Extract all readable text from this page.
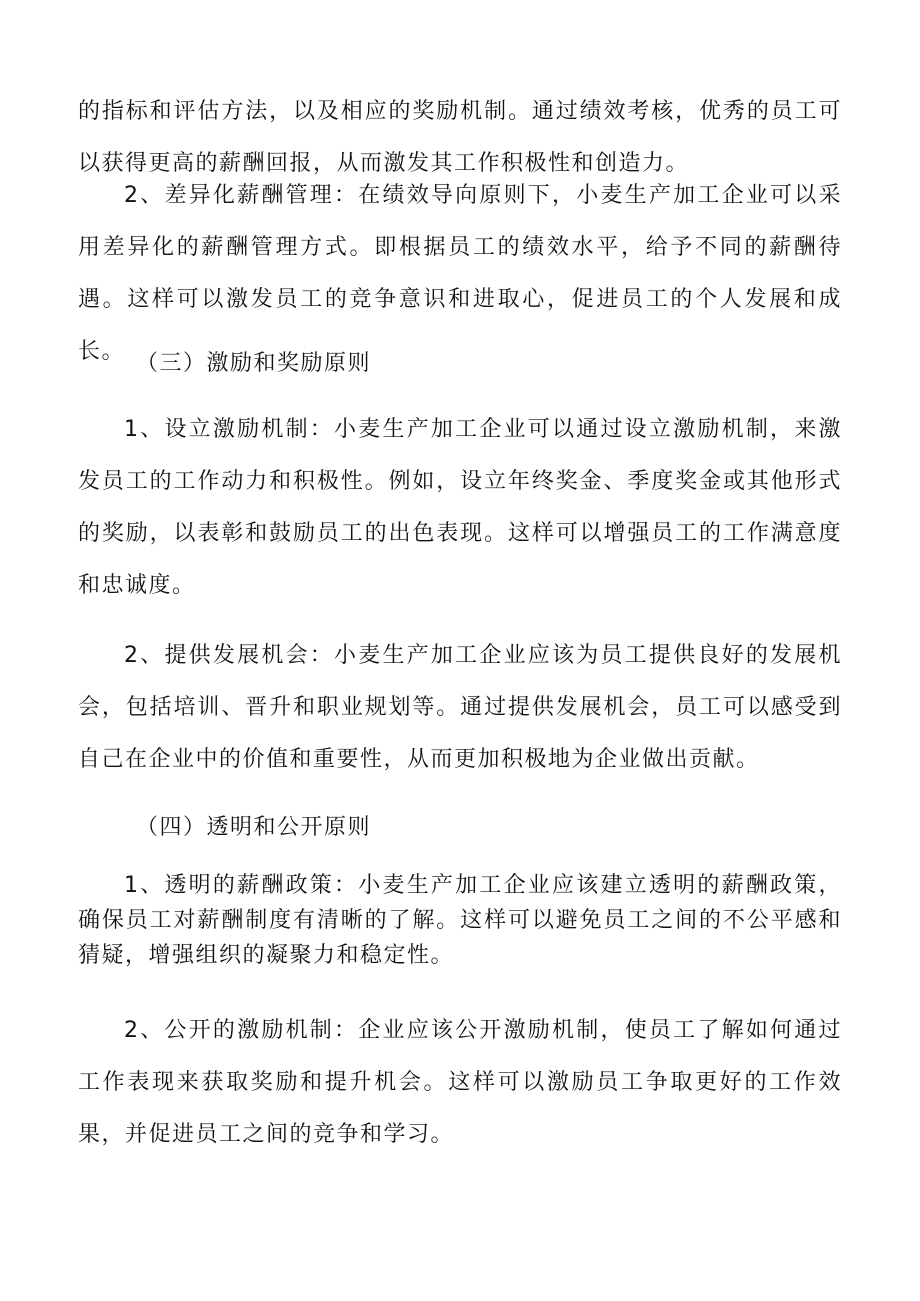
的指标和评估方法，以及相应的奖励机制。通过绩效考核，优秀的员工可以获得更高的薪酬回报，从而激发其工作积极性和创造力。

2、差异化薪酬管理：在绩效导向原则下，小麦生产加工企业可以采用差异化的薪酬管理方式。即根据员工的绩效水平，给予不同的薪酬待遇。这样可以激发员工的竞争意识和进取心，促进员工的个人发展和成长。 （三）激励和奖励原则

1、设立激励机制：小麦生产加工企业可以通过设立激励机制，来激发员工的工作动力和积极性。例如，设立年终奖金、季度奖金或其他形式的奖励，以表彰和鼓励员工的出色表现。这样可以增强员工的工作满意度和忠诚度。

2、提供发展机会：小麦生产加工企业应该为员工提供良好的发展机会，包括培训、晋升和职业规划等。通过提供发展机会，员工可以感受到自己在企业中的价值和重要性，从而更加积极地为企业做出贡献。

（四）透明和公开原则

1、透明的薪酬政策：小麦生产加工企业应该建立透明的薪酬政策，确保员工对薪酬制度有清晰的了解。这样可以避免员工之间的不公平感和猜疑，增强组织的凝聚力和稳定性。

2、公开的激励机制：企业应该公开激励机制，使员工了解如何通过工作表现来获取奖励和提升机会。这样可以激励员工争取更好的工作效果，并促进员工之间的竞争和学习。
